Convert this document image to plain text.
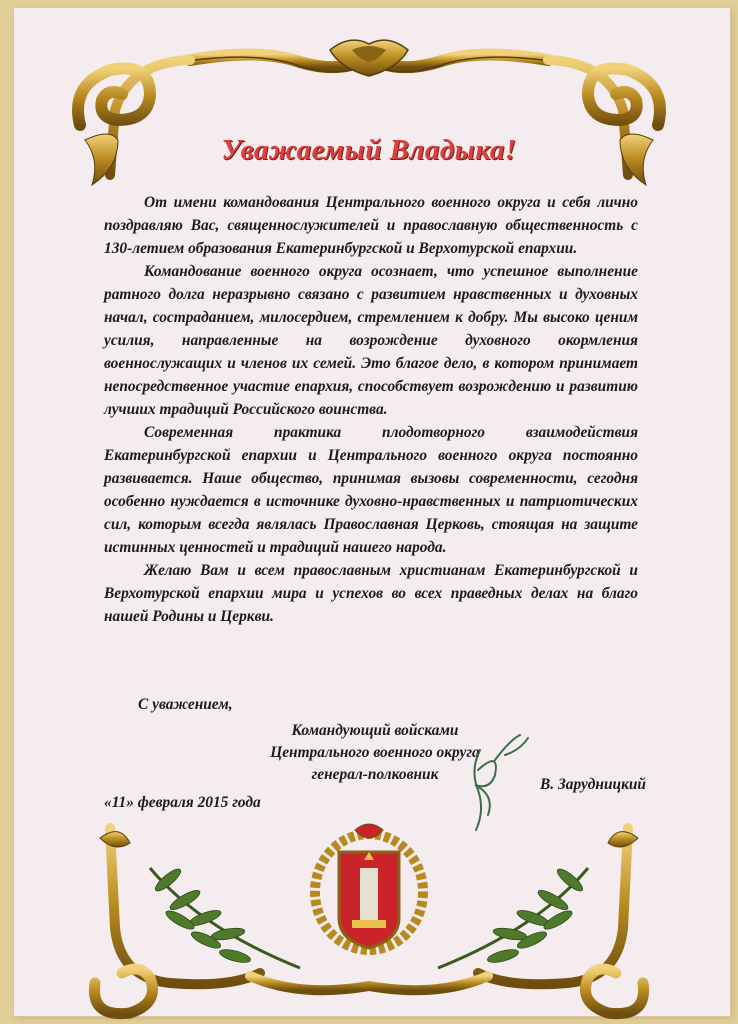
Уважаемый Владыка!

От имени командования Центрального военного округа и себя лично поздравляю Вас, священнослужителей и православную общественность с 130-летием образования Екатеринбургской и Верхотурской епархии.

Командование военного округа осознает, что успешное выполнение ратного долга неразрывно связано с развитием нравственных и духовных начал, состраданием, милосердием, стремлением к добру. Мы высоко ценим усилия, направленные на возрождение духовного окормления военнослужащих и членов их семей. Это благое дело, в котором принимает непосредственное участие епархия, способствует возрождению и развитию лучших традиций Российского воинства.

Современная практика плодотворного взаимодействия Екатеринбургской епархии и Центрального военного округа постоянно развивается. Наше общество, принимая вызовы современности, сегодня особенно нуждается в источнике духовно-нравственных и патриотических сил, которым всегда являлась Православная Церковь, стоящая на защите истинных ценностей и традиций нашего народа.

Желаю Вам и всем православным христианам Екатеринбургской и Верхотурской епархии мира и успехов во всех праведных делах на благо нашей Родины и Церкви.

С уважением,
Командующий войсками
Центрального военного округа
генерал-полковник
В. Зарудницкий
«11» февраля 2015 года
